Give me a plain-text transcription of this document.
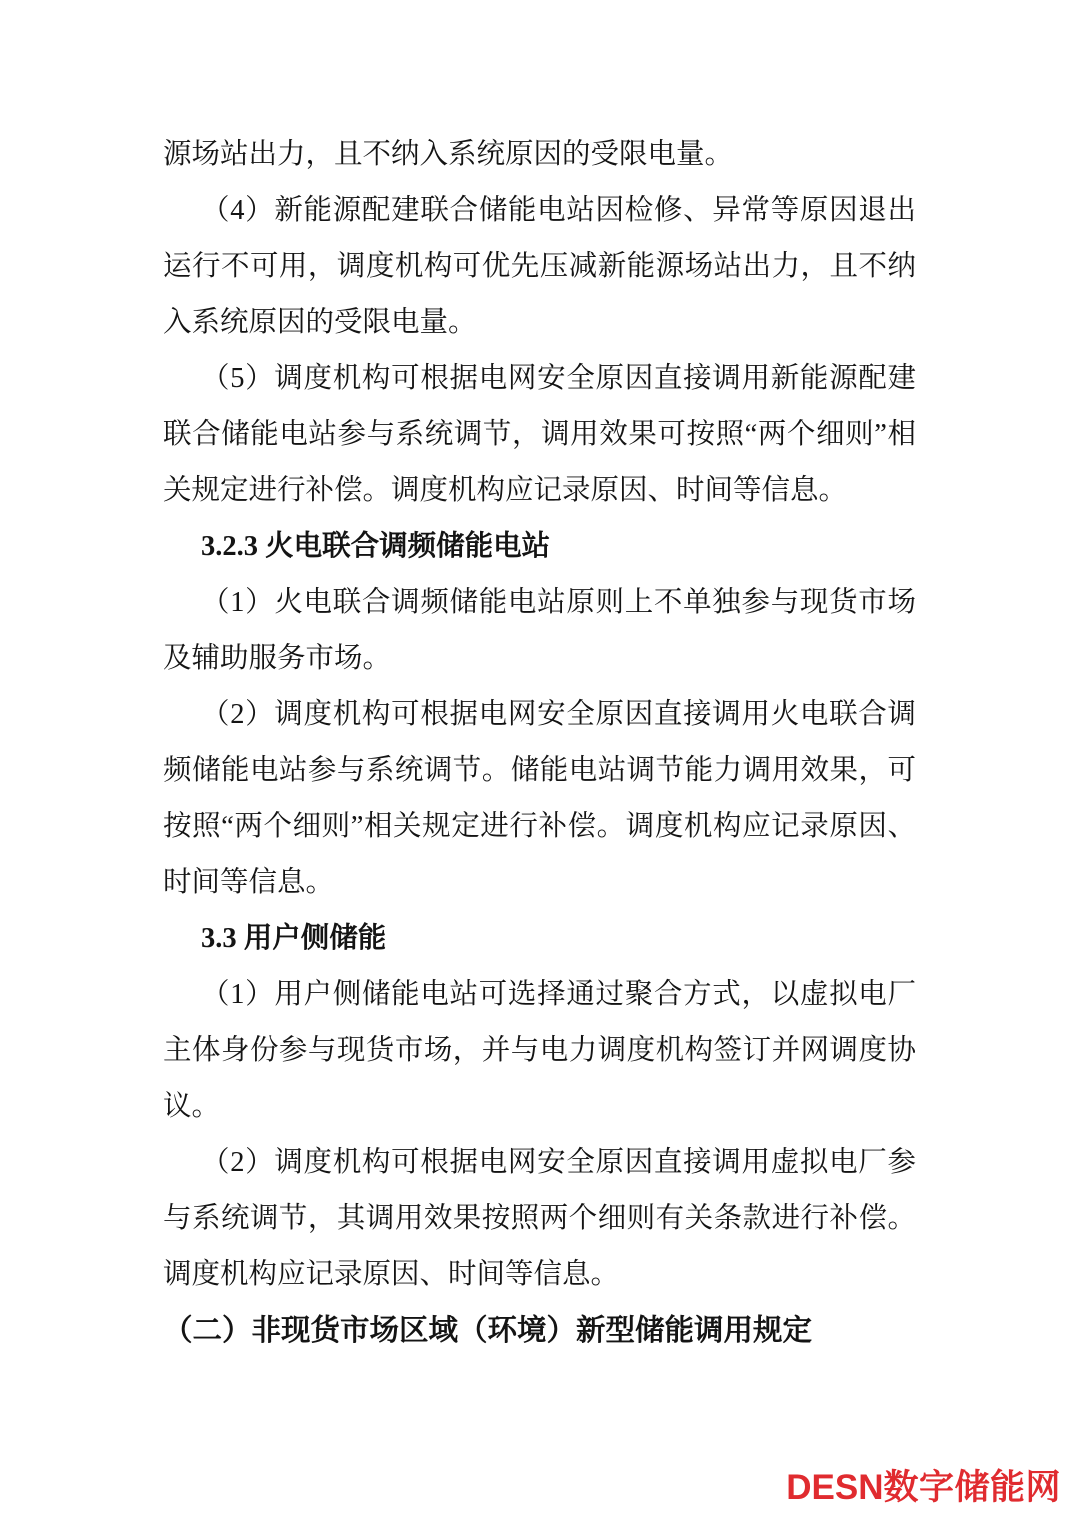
源场站出力，且不纳入系统原因的受限电量。

（4）新能源配建联合储能电站因检修、异常等原因退出运行不可用，调度机构可优先压减新能源场站出力，且不纳入系统原因的受限电量。

（5）调度机构可根据电网安全原因直接调用新能源配建联合储能电站参与系统调节，调用效果可按照“两个细则”相关规定进行补偿。调度机构应记录原因、时间等信息。

3.2.3 火电联合调频储能电站

（1）火电联合调频储能电站原则上不单独参与现货市场及辅助服务市场。

（2）调度机构可根据电网安全原因直接调用火电联合调频储能电站参与系统调节。储能电站调节能力调用效果，可按照“两个细则”相关规定进行补偿。调度机构应记录原因、时间等信息。

3.3 用户侧储能

（1）用户侧储能电站可选择通过聚合方式，以虚拟电厂主体身份参与现货市场，并与电力调度机构签订并网调度协议。

（2）调度机构可根据电网安全原因直接调用虚拟电厂参与系统调节，其调用效果按照两个细则有关条款进行补偿。调度机构应记录原因、时间等信息。

（二）非现货市场区域（环境）新型储能调用规定

DESN数字储能网
